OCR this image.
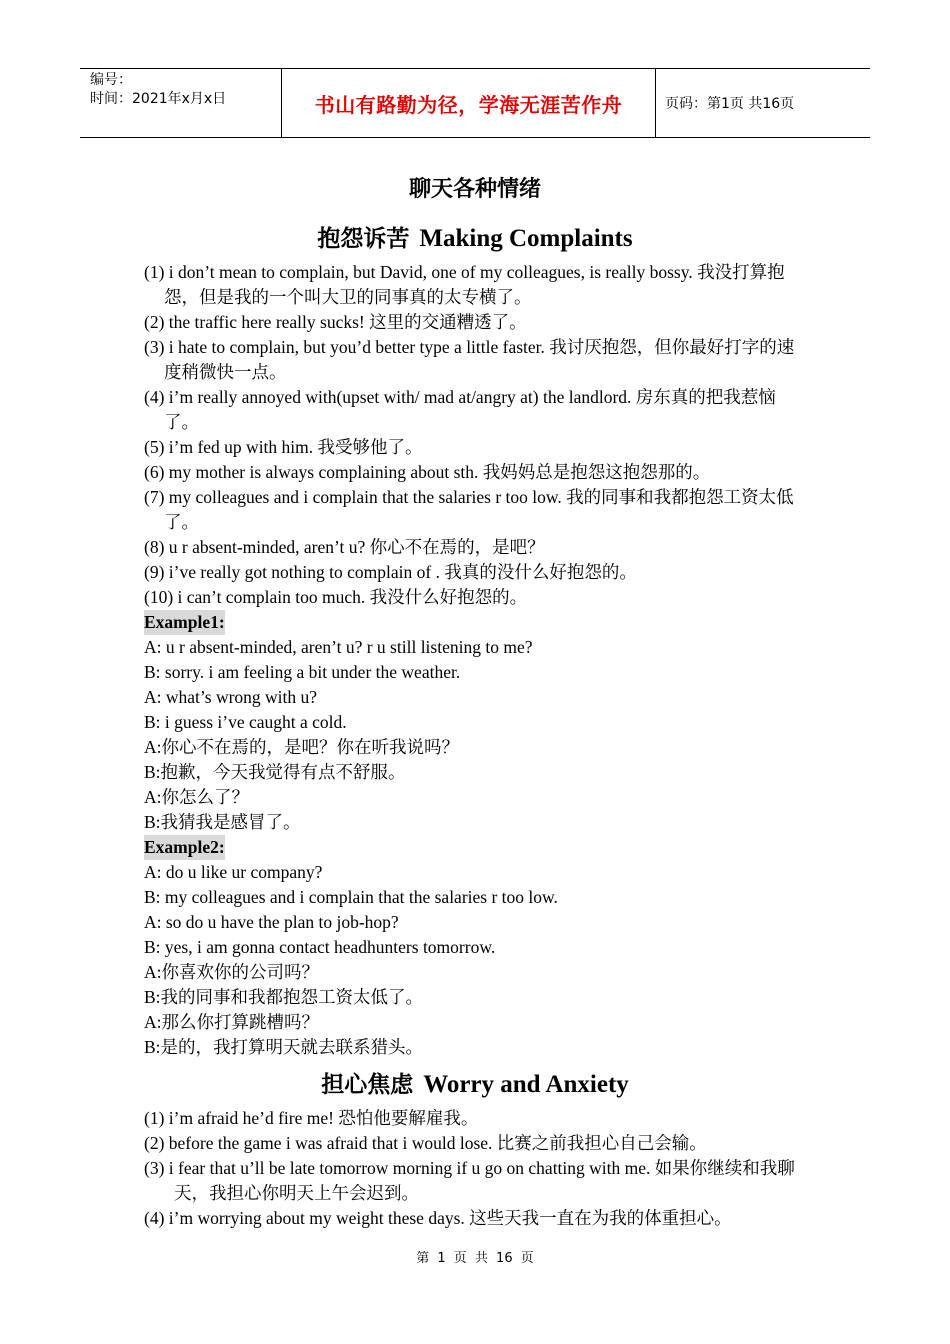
编号：
时间：2021年x月x日	书山有路勤为径，学海无涯苦作舟	页码：第1页 共16页
聊天各种情绪
抱怨诉苦 Making Complaints

(1) i don’t mean to complain, but David, one of my colleagues, is really bossy. 我没打算抱怨，但是我的一个叫大卫的同事真的太专横了。

(2) the traffic here really sucks! 这里的交通糟透了。

(3) i hate to complain, but you’d better type a little faster. 我讨厌抱怨，但你最好打字的速度稍微快一点。

(4) i’m really annoyed with(upset with/ mad at/angry at) the landlord. 房东真的把我惹恼了。

(5) i’m fed up with him. 我受够他了。

(6) my mother is always complaining about sth. 我妈妈总是抱怨这抱怨那的。

(7) my colleagues and i complain that the salaries r too low. 我的同事和我都抱怨工资太低了。

(8) u r absent-minded, aren’t u? 你心不在焉的，是吧？

(9) i’ve really got nothing to complain of . 我真的没什么好抱怨的。

(10) i can’t complain too much. 我没什么好抱怨的。

Example1:

A: u r absent-minded, aren’t u? r u still listening to me?

B: sorry. i am feeling a bit under the weather.

A: what’s wrong with u?

B: i guess i’ve caught a cold.

A:你心不在焉的，是吧？你在听我说吗？

B:抱歉，今天我觉得有点不舒服。

A:你怎么了？

B:我猜我是感冒了。

Example2:

A: do u like ur company?

B: my colleagues and i complain that the salaries r too low.

A: so do u have the plan to job-hop?

B: yes, i am gonna contact headhunters tomorrow.

A:你喜欢你的公司吗？

B:我的同事和我都抱怨工资太低了。

A:那么你打算跳槽吗？

B:是的，我打算明天就去联系猎头。

担心焦虑 Worry and Anxiety

(1) i’m afraid he’d fire me! 恐怕他要解雇我。

(2) before the game i was afraid that i would lose. 比赛之前我担心自己会输。

(3) i fear that u’ll be late tomorrow morning if u go on chatting with me. 如果你继续和我聊天，我担心你明天上午会迟到。

(4) i’m worrying about my weight these days. 这些天我一直在为我的体重担心。

第 1 页 共 16 页
